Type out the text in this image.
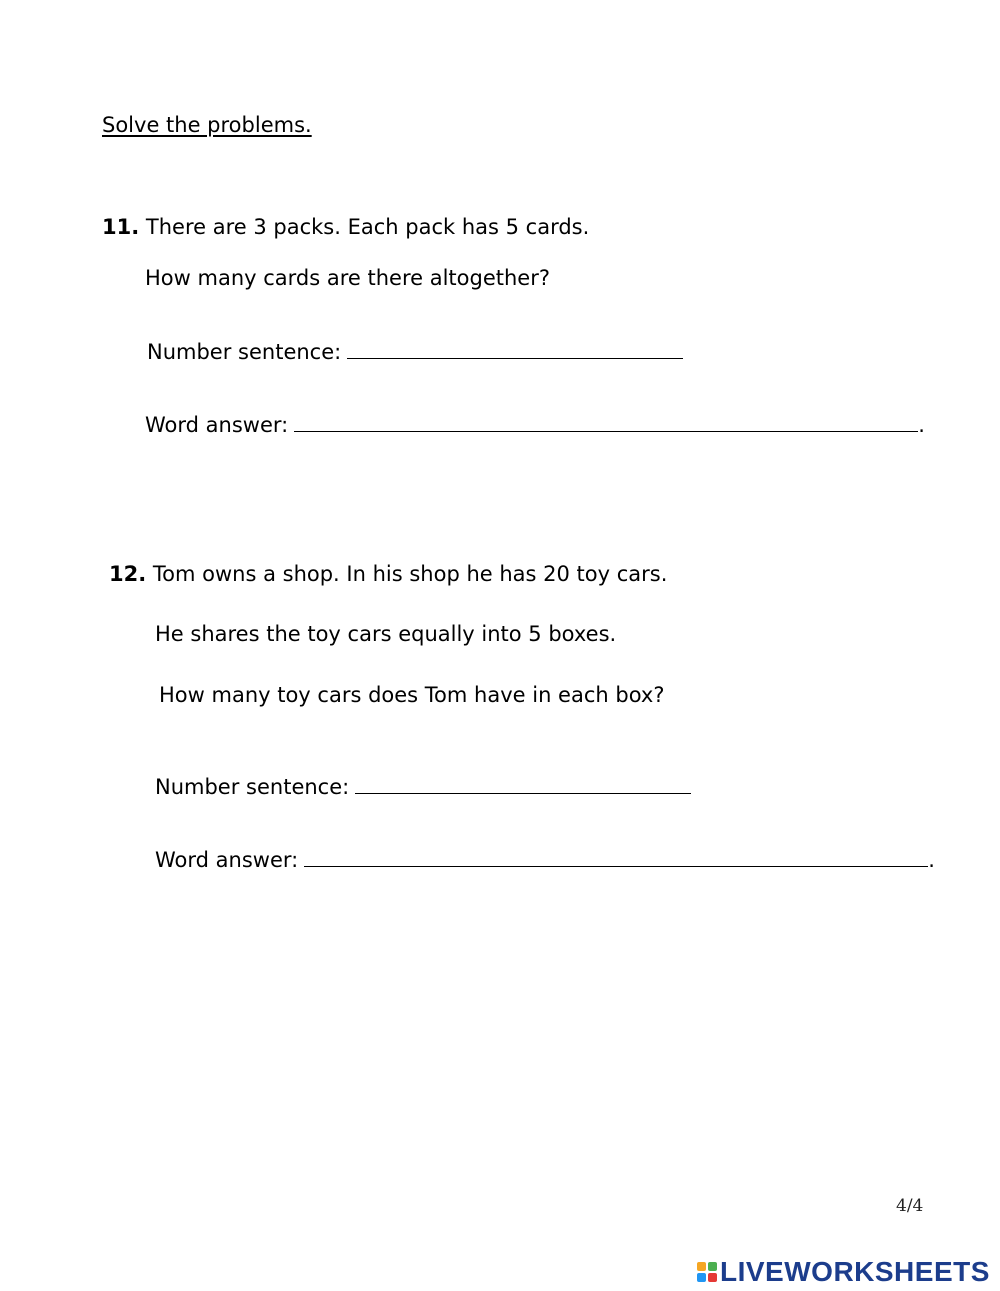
Solve the problems.
11. There are 3 packs. Each pack has 5 cards.
How many cards are there altogether?
Number sentence:
Word answer:	.
12. Tom owns a shop. In his shop he has 20 toy cars.
He shares the toy cars equally into 5 boxes.
How many toy cars does Tom have in each box?
Number sentence:
Word answer:	.
4/4
LIVEWORKSHEETS
